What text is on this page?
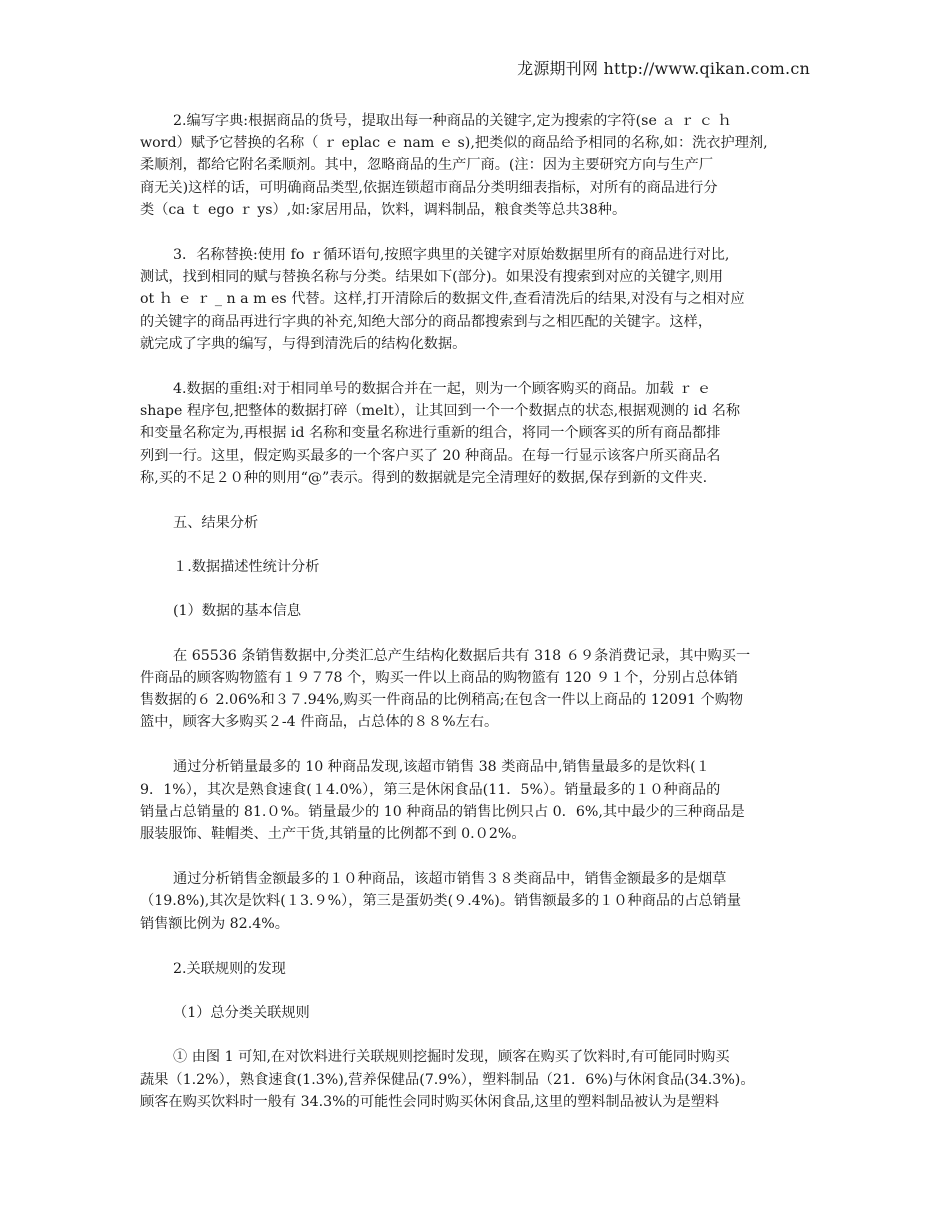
龙源期刊网 http://www.qikan.com.cn
2.编写字典:根据商品的货号，提取出每一种商品的关键字,定为搜索的字符(se ａ ｒ ｃ ｈ
word）赋予它替换的名称（ ｒ eplac ｅ nam ｅ s),把类似的商品给予相同的名称,如：洗衣护理剂,
柔顺剂，都给它附名柔顺剂。其中，忽略商品的生产厂商。(注：因为主要研究方向与生产厂
商无关)这样的话，可明确商品类型,依据连锁超市商品分类明细表指标，对所有的商品进行分
类（ca ｔ ego ｒ ys）,如:家居用品，饮料，调料制品，粮食类等总共38种。
3．名称替换:使用 fo ｒ循环语句,按照字典里的关键字对原始数据里所有的商品进行对比,
测试，找到相同的赋与替换名称与分类。结果如下(部分)。如果没有搜索到对应的关键字,则用
ot ｈ ｅ ｒ _ n a m es 代替。这样,打开清除后的数据文件,查看清洗后的结果,对没有与之相对应
的关键字的商品再进行字典的补充,知绝大部分的商品都搜索到与之相匹配的关键字。这样，
就完成了字典的编写，与得到清洗后的结构化数据。
4.数据的重组:对于相同单号的数据合并在一起，则为一个顾客购买的商品。加载 ｒ ｅ
shape 程序包,把整体的数据打碎（melt），让其回到一个一个数据点的状态,根据观测的 id 名称
和变量名称定为,再根据 id 名称和变量名称进行重新的组合，将同一个顾客买的所有商品都排
列到一行。这里，假定购买最多的一个客户买了 20 种商品。在每一行显示该客户所买商品名
称,买的不足２０种的则用“@”表示。得到的数据就是完全清理好的数据,保存到新的文件夹.
五、结果分析
１.数据描述性统计分析
(1）数据的基本信息
在 65536 条销售数据中,分类汇总产生结构化数据后共有 318 ６９条消费记录，其中购买一
件商品的顾客购物篮有１９７78 个，购买一件以上商品的购物篮有 120 ９１个，分别占总体销
售数据的６ 2.06%和３７.94%,购买一件商品的比例稍高;在包含一件以上商品的 12091 个购物
篮中，顾客大多购买２-4 件商品，占总体的８８%左右。
通过分析销量最多的 10 种商品发现,该超市销售 38 类商品中,销售量最多的是饮料(１
9．1%），其次是熟食速食(１4.0%），第三是休闲食品(11．5%）。销量最多的１０种商品的
销量占总销量的 81.０%。销量最少的 10 种商品的销售比例只占 0．6%,其中最少的三种商品是
服装服饰、鞋帽类、土产干货,其销量的比例都不到 0.０2%。
通过分析销售金额最多的１０种商品，该超市销售３８类商品中，销售金额最多的是烟草
（19.8%),其次是饮料(１3.９%），第三是蛋奶类(９.4%)。销售额最多的１０种商品的占总销量
销售额比例为 82.4%。
2.关联规则的发现
（1）总分类关联规则
① 由图 1 可知,在对饮料进行关联规则挖掘时发现，顾客在购买了饮料时,有可能同时购买
蔬果（1.2%），熟食速食(1.3%),营养保健品(7.9%），塑料制品（21．6%)与休闲食品(34.3%)。
顾客在购买饮料时一般有 34.3%的可能性会同时购买休闲食品,这里的塑料制品被认为是塑料
